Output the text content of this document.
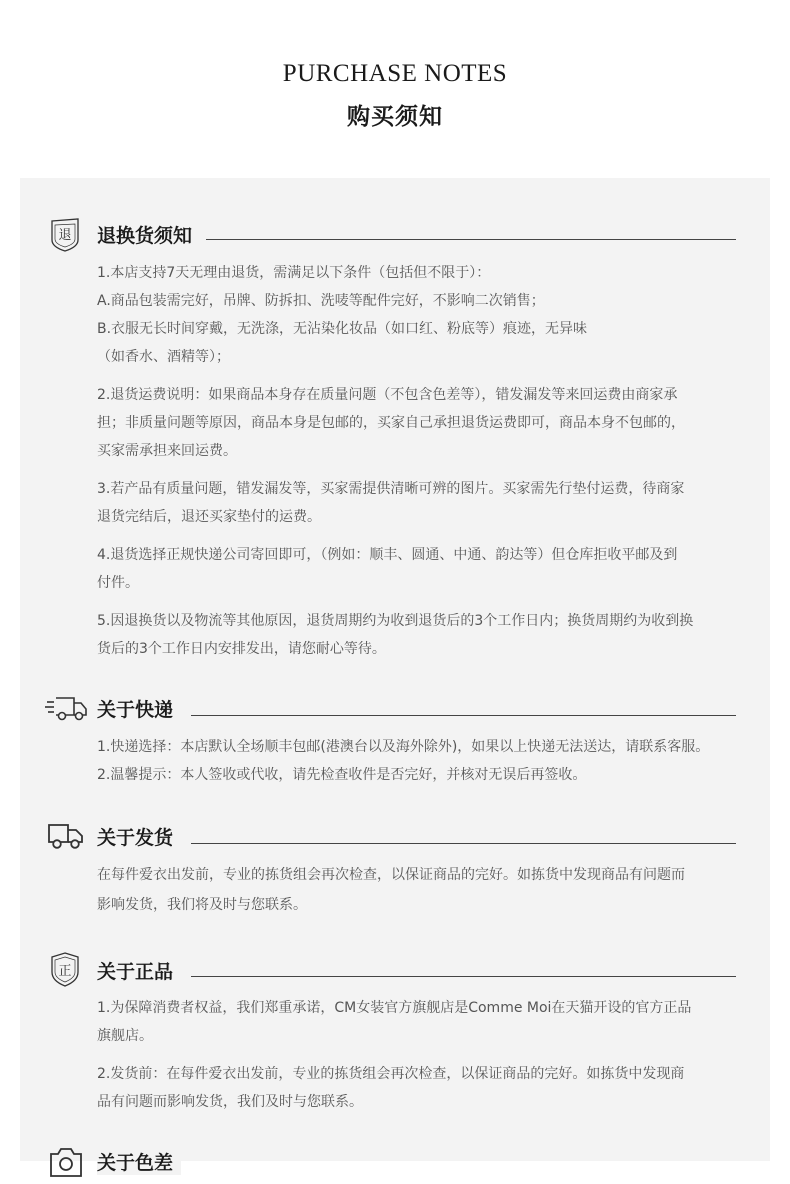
PURCHASE NOTES
购买须知
退 退换货须知

1.本店支持7天无理由退货，需满足以下条件（包括但不限于）：

A.商品包装需完好，吊牌、防拆扣、洗唛等配件完好，不影响二次销售；

B.衣服无长时间穿戴，无洗涤，无沾染化妆品（如口红、粉底等）痕迹，无异味

（如香水、酒精等）；

2.退货运费说明：如果商品本身存在质量问题（不包含色差等），错发漏发等来回运费由商家承

担；非质量问题等原因，商品本身是包邮的，买家自己承担退货运费即可，商品本身不包邮的，

买家需承担来回运费。

3.若产品有质量问题，错发漏发等，买家需提供清晰可辨的图片。买家需先行垫付运费，待商家

退货完结后，退还买家垫付的运费。

4.退货选择正规快递公司寄回即可，（例如：顺丰、圆通、中通、韵达等）但仓库拒收平邮及到

付件。

5.因退换货以及物流等其他原因，退货周期约为收到退货后的3个工作日内；换货周期约为收到换

货后的3个工作日内安排发出，请您耐心等待。

关于快递

1.快递选择：本店默认全场顺丰包邮(港澳台以及海外除外)，如果以上快递无法送达，请联系客服。

2.温馨提示：本人签收或代收，请先检查收件是否完好，并核对无误后再签收。

关于发货

在每件爱衣出发前，专业的拣货组会再次检查，以保证商品的完好。如拣货中发现商品有问题而

影响发货，我们将及时与您联系。

正 关于正品

1.为保障消费者权益，我们郑重承诺，CM女装官方旗舰店是Comme Moi在天猫开设的官方正品

旗舰店。

2.发货前：在每件爱衣出发前，专业的拣货组会再次检查，以保证商品的完好。如拣货中发现商

品有问题而影响发货，我们及时与您联系。

关于色差
